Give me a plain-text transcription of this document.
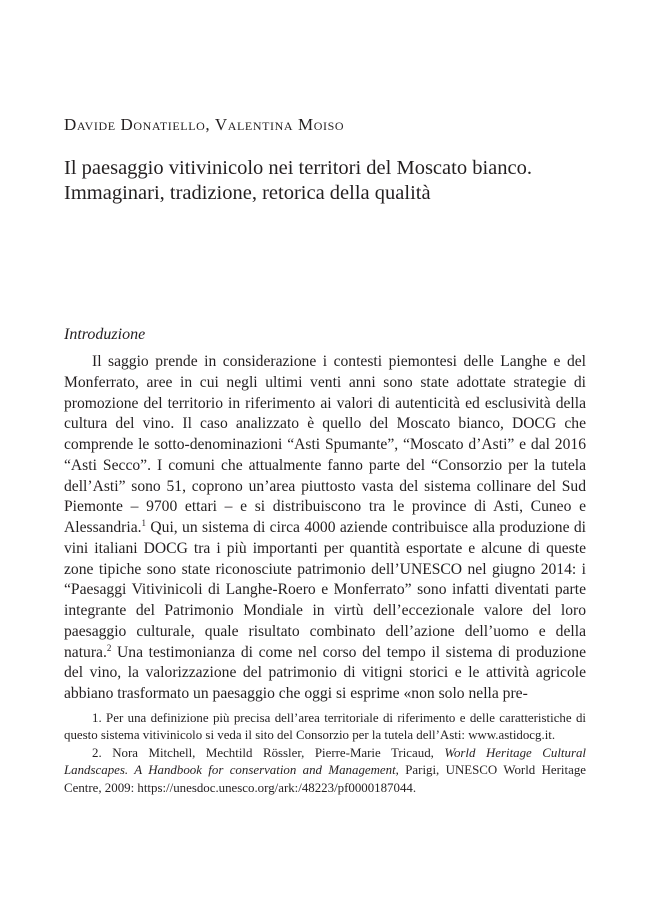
Davide Donatiello, Valentina Moiso
Il paesaggio vitivinicolo nei territori del Moscato bianco.
Immaginari, tradizione, retorica della qualità
Introduzione

Il saggio prende in considerazione i contesti piemontesi delle Langhe e del Monferrato, aree in cui negli ultimi venti anni sono state adottate strategie di promozione del territorio in riferimento ai valori di autenticità ed esclusività della cultura del vino. Il caso analizzato è quello del Moscato bianco, DOCG che comprende le sotto-denominazioni “Asti Spumante”, “Moscato d’Asti” e dal 2016 “Asti Secco”. I comuni che attualmente fanno parte del “Consorzio per la tutela dell’Asti” sono 51, coprono un’area piuttosto vasta del sistema collinare del Sud Piemonte – 9700 ettari – e si distribuiscono tra le province di Asti, Cuneo e Alessandria.$^1$ Qui, un sistema di circa 4000 aziende contribuisce alla produzione di vini italiani DOCG tra i più importanti per quantità esportate e alcune di queste zone tipiche sono state riconosciute patrimonio dell’UNESCO nel giugno 2014: i “Paesaggi Vitivinicoli di Langhe-Roero e Monferrato” sono infatti diventati parte integrante del Patrimonio Mondiale in virtù dell’eccezionale valore del loro paesaggio culturale, quale risultato combinato dell’azione dell’uomo e della natura.$^2$ Una testimonianza di come nel corso del tempo il sistema di produzione del vino, la valorizzazione del patrimonio di vitigni storici e le attività agricole abbiano trasformato un paesaggio che oggi si esprime «non solo nella pre-

1. Per una definizione più precisa dell’area territoriale di riferimento e delle caratteristiche di questo sistema vitivinicolo si veda il sito del Consorzio per la tutela dell’Asti: www.astidocg.it.

2. Nora Mitchell, Mechtild Rössler, Pierre-Marie Tricaud, World Heritage Cultural Landscapes. A Handbook for conservation and Management, Parigi, UNESCO World Heritage Centre, 2009: https://unesdoc.unesco.org/ark:/48223/pf0000187044.
